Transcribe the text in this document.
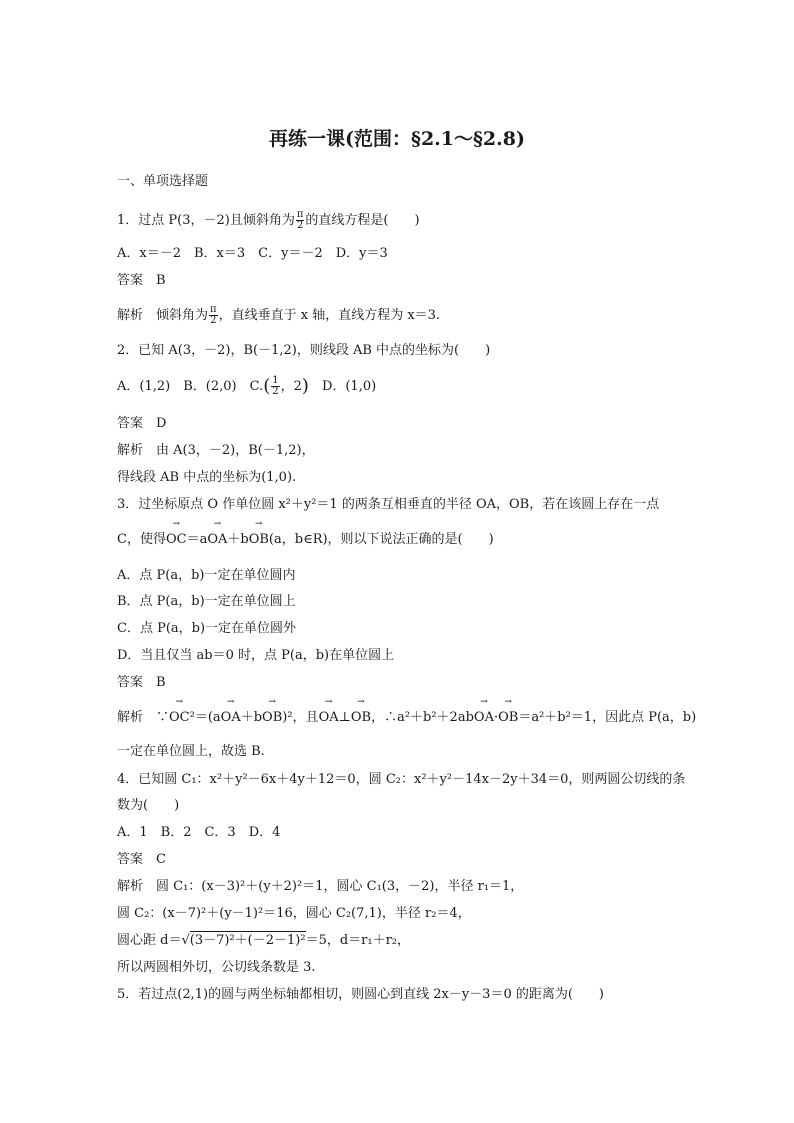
再练一课(范围：§2.1～§2.8)
一、单项选择题
1．过点 P(3，－2)且倾斜角为 $\frac{\pi}{2}$ 的直线方程是(　　)
A．x＝－2　B．x＝3　C．y＝－2　D．y＝3
答案　B
解析　倾斜角为 $\frac{\pi}{2}$ ，直线垂直于 x 轴，直线方程为 x＝3.
2．已知 A(3，－2)，B(－1,2)，则线段 AB 中点的坐标为(　　)
A．(1,2)　B．(2,0)　$C.( \frac{1}{2}$ ，2)　 D．(1,0)
答案　D
解析　由 A(3，－2)，B(－1,2)，
得线段 AB 中点的坐标为(1,0).
3．过坐标原点 O 作单位圆 x²＋y²＝1 的两条互相垂直的半径 OA，OB，若在该圆上存在一点
C，使得→ OC＝a→ OA＋b→ OB(a，b∈R)，则以下说法正确的是(　　)
A．点 P(a，b)一定在单位圆内
B．点 P(a，b)一定在单位圆上
C．点 P(a，b)一定在单位圆外
D．当且仅当 ab＝0 时，点 P(a，b)在单位圆上
答案　B
解析　∵→ OC²＝(a→ OA＋b→ OB)²，且→ OA⊥→ OB，∴a²＋b²＋2ab→ OA·→ OB＝a²＋b²＝1，因此点 P(a，b)
一定在单位圆上，故选 B.
4．已知圆 C₁：x²＋y²－6x＋4y＋12＝0，圆 C₂：x²＋y²－14x－2y＋34＝0，则两圆公切线的条
数为(　　)
A．1　B．2　C．3　D．4
答案　C
解析　圆 C₁：(x－3)²＋(y＋2)²＝1，圆心 C₁(3，－2)，半径 r₁＝1，
圆 C₂：(x－7)²＋(y－1)²＝16，圆心 C₂(7,1)，半径 r₂＝4，
圆心距 d＝√(3－7)²＋(－2－1)²＝5，d＝r₁＋r₂，
所以两圆相外切，公切线条数是 3.
5．若过点(2,1)的圆与两坐标轴都相切，则圆心到直线 2x－y－3＝0 的距离为(　　)
